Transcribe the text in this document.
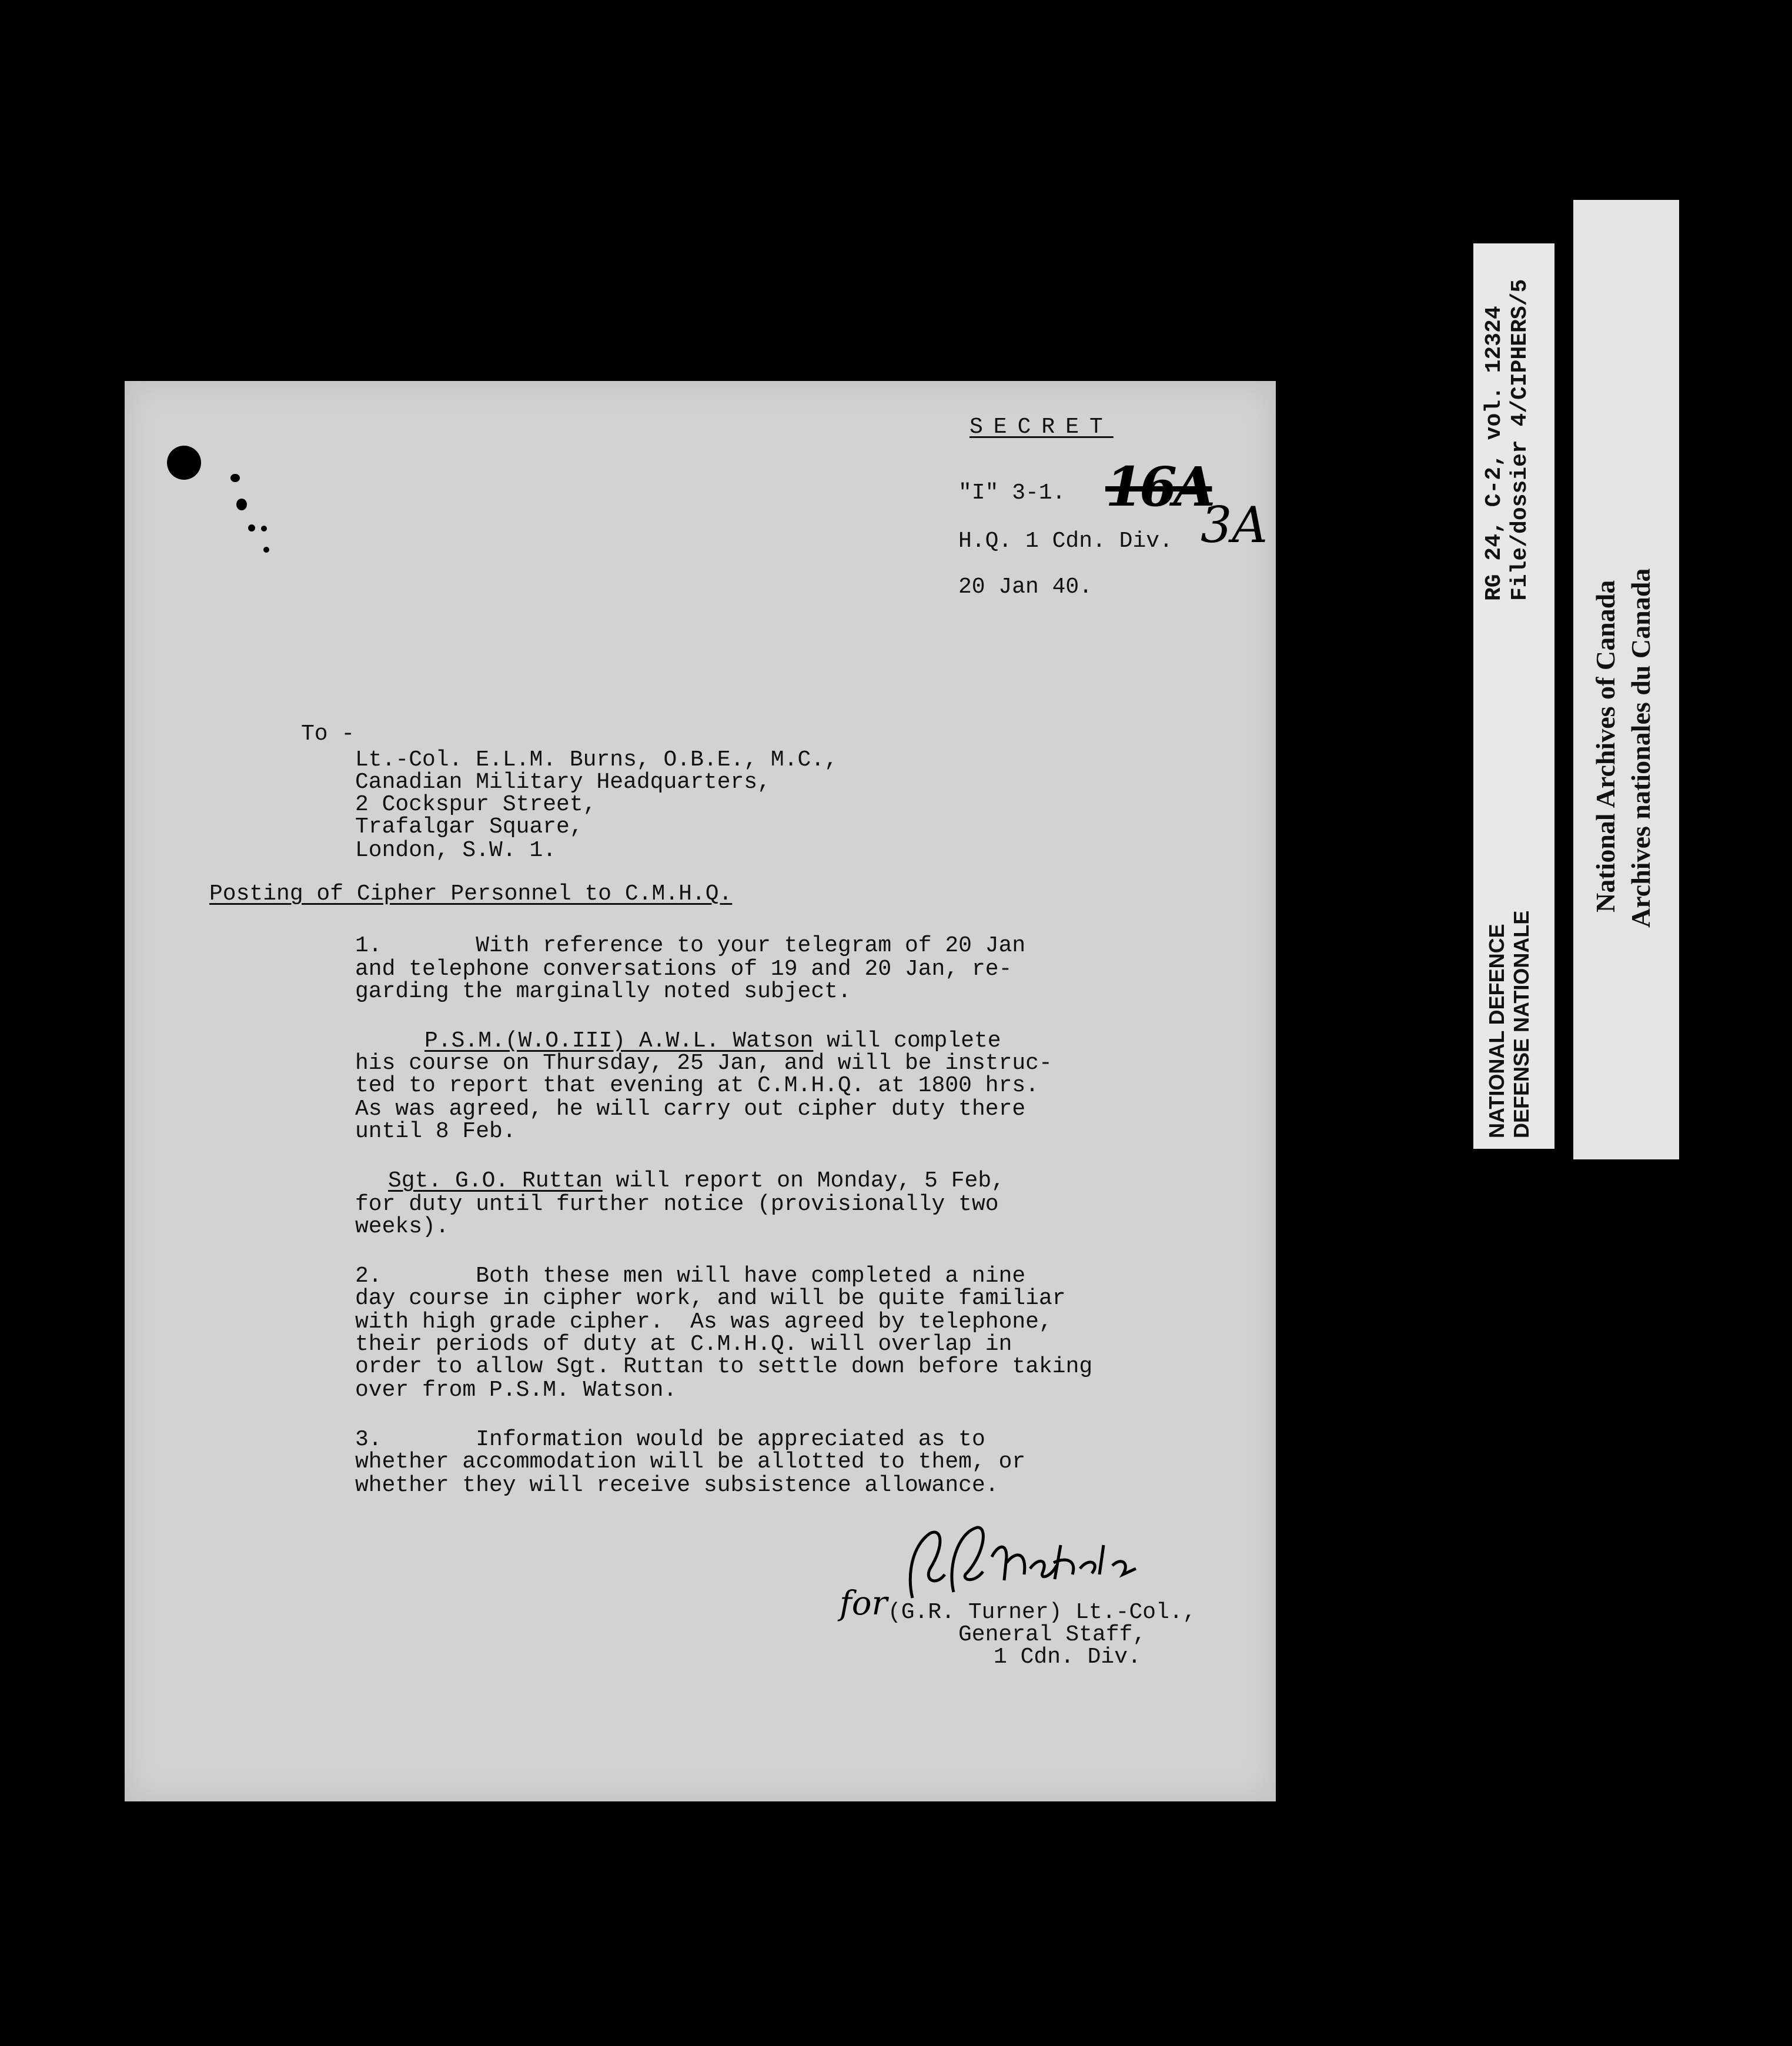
SECRET
"I" 3-1. 16A
3A
H.Q. 1 Cdn. Div.
20 Jan 40.
To -
Lt.-Col. E.L.M. Burns, O.B.E., M.C.,
Canadian Military Headquarters,
2 Cockspur Street,
Trafalgar Square,
London, S.W. 1.
Posting of Cipher Personnel to C.M.H.Q.
1.       With reference to your telegram of 20 Jan
and telephone conversations of 19 and 20 Jan, re-
garding the marginally noted subject.
P.S.M.(W.O.III) A.W.L. Watson will complete
his course on Thursday, 25 Jan, and will be instruc-
ted to report that evening at C.M.H.Q. at 1800 hrs.
As was agreed, he will carry out cipher duty there
until 8 Feb.
Sgt. G.O. Ruttan will report on Monday, 5 Feb,
for duty until further notice (provisionally two
weeks).
2.       Both these men will have completed a nine
day course in cipher work, and will be quite familiar
with high grade cipher.  As was agreed by telephone,
their periods of duty at C.M.H.Q. will overlap in
order to allow Sgt. Ruttan to settle down before taking
over from P.S.M. Watson.
3.       Information would be appreciated as to
whether accommodation will be allotted to them, or
whether they will receive subsistence allowance.
for (G.R. Turner) Lt.-Col.,
General Staff,
1 Cdn. Div.
RG 24, C-2, vol. 12324 File/dossier 4/CIPHERS/5
NATIONAL DEFENCE DEFENSE NATIONALE
National Archives of Canada Archives nationales du Canada
